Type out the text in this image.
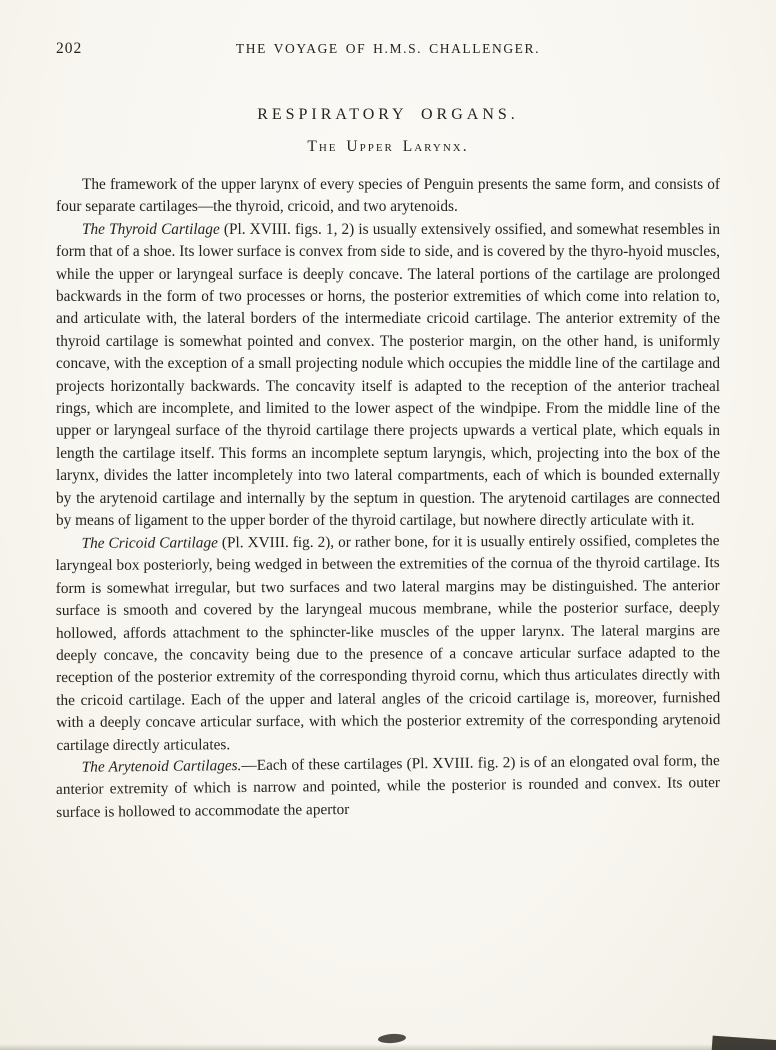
202	THE VOYAGE OF H.M.S. CHALLENGER.
RESPIRATORY ORGANS.
The Upper Larynx.

The framework of the upper larynx of every species of Penguin presents the same form, and consists of four separate cartilages—the thyroid, cricoid, and two arytenoids.

The Thyroid Cartilage (Pl. XVIII. figs. 1, 2) is usually extensively ossified, and somewhat resembles in form that of a shoe. Its lower surface is convex from side to side, and is covered by the thyro-hyoid muscles, while the upper or laryngeal surface is deeply concave. The lateral portions of the cartilage are prolonged backwards in the form of two processes or horns, the posterior extremities of which come into relation to, and articulate with, the lateral borders of the intermediate cricoid cartilage. The anterior extremity of the thyroid cartilage is somewhat pointed and convex. The posterior margin, on the other hand, is uniformly concave, with the exception of a small projecting nodule which occupies the middle line of the cartilage and projects horizontally backwards. The concavity itself is adapted to the reception of the anterior tracheal rings, which are incomplete, and limited to the lower aspect of the windpipe. From the middle line of the upper or laryngeal surface of the thyroid cartilage there projects upwards a vertical plate, which equals in length the cartilage itself. This forms an incomplete septum laryngis, which, projecting into the box of the larynx, divides the latter incompletely into two lateral compartments, each of which is bounded externally by the arytenoid cartilage and internally by the septum in question. The arytenoid cartilages are connected by means of ligament to the upper border of the thyroid cartilage, but nowhere directly articulate with it.

The Cricoid Cartilage (Pl. XVIII. fig. 2), or rather bone, for it is usually entirely ossified, completes the laryngeal box posteriorly, being wedged in between the extremities of the cornua of the thyroid cartilage. Its form is somewhat irregular, but two surfaces and two lateral margins may be distinguished. The anterior surface is smooth and covered by the laryngeal mucous membrane, while the posterior surface, deeply hollowed, affords attachment to the sphincter-like muscles of the upper larynx. The lateral margins are deeply concave, the concavity being due to the presence of a concave articular surface adapted to the reception of the posterior extremity of the corresponding thyroid cornu, which thus articulates directly with the cricoid cartilage. Each of the upper and lateral angles of the cricoid cartilage is, moreover, furnished with a deeply concave articular surface, with which the posterior extremity of the corresponding arytenoid cartilage directly articulates.

The Arytenoid Cartilages.—Each of these cartilages (Pl. XVIII. fig. 2) is of an elongated oval form, the anterior extremity of which is narrow and pointed, while the posterior is rounded and convex. Its outer surface is hollowed to accommodate the apertor
